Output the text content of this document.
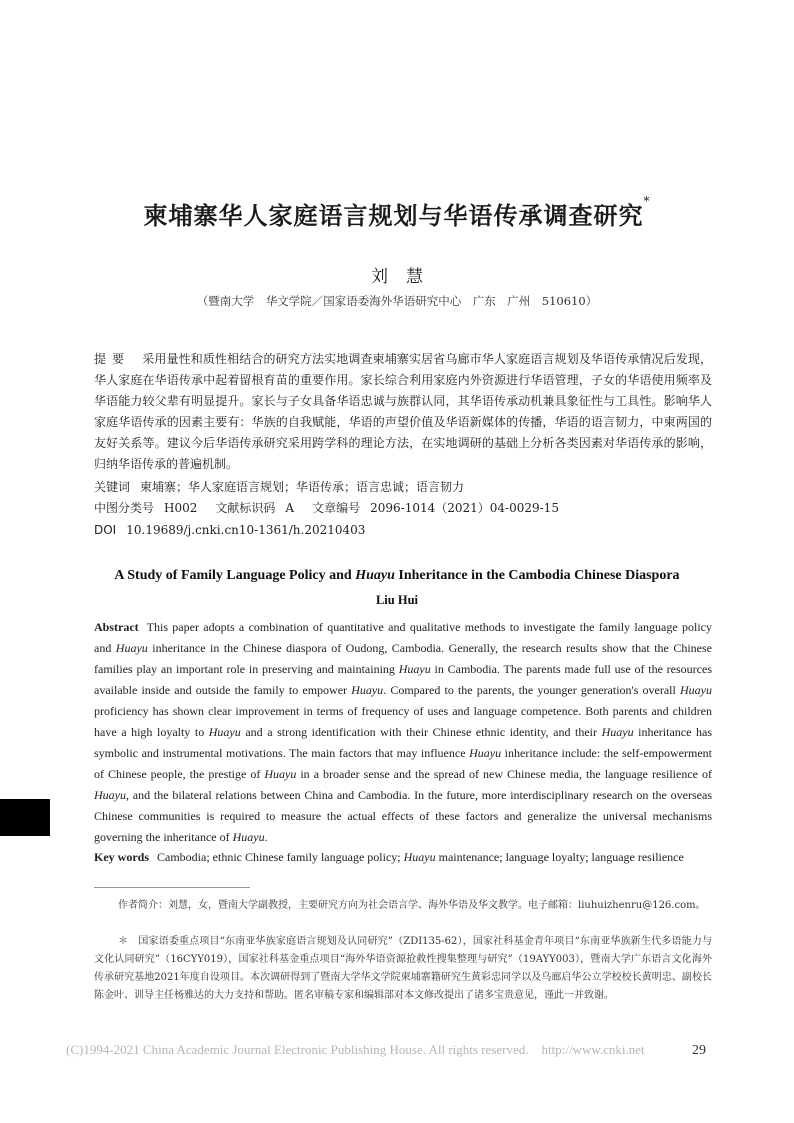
柬埔寨华人家庭语言规划与华语传承调查研究*
刘慧
（暨南大学　华文学院／国家语委海外华语研究中心　广东　广州　510610）
提要 采用量性和质性相结合的研究方法实地调查柬埔寨实居省乌廊市华人家庭语言规划及华语传承情况后发现，华人家庭在华语传承中起着留根育苗的重要作用。家长综合利用家庭内外资源进行华语管理，子女的华语使用频率及华语能力较父辈有明显提升。家长与子女具备华语忠诚与族群认同，其华语传承动机兼具象征性与工具性。影响华人家庭华语传承的因素主要有：华族的自我赋能，华语的声望价值及华语新媒体的传播，华语的语言韧力，中柬两国的友好关系等。建议今后华语传承研究采用跨学科的理论方法，在实地调研的基础上分析各类因素对华语传承的影响，归纳华语传承的普遍机制。
关键词 柬埔寨；华人家庭语言规划；华语传承；语言忠诚；语言韧力
中图分类号 H002 文献标识码 A 文章编号 2096-1014（2021）04-0029-15
DOI 10.19689/j.cnki.cn10-1361/h.20210403
A Study of Family Language Policy and Huayu Inheritance in the Cambodia Chinese Diaspora
Liu Hui
Abstract This paper adopts a combination of quantitative and qualitative methods to investigate the family language policy and Huayu inheritance in the Chinese diaspora of Oudong, Cambodia. Generally, the research results show that the Chinese families play an important role in preserving and maintaining Huayu in Cambodia. The parents made full use of the resources available inside and outside the family to empower Huayu. Compared to the parents, the younger generation's overall Huayu proficiency has shown clear improvement in terms of frequency of uses and language competence. Both parents and children have a high loyalty to Huayu and a strong identification with their Chinese ethnic identity, and their Huayu inheritance has symbolic and instrumental motivations. The main factors that may influence Huayu inheritance include: the self-empowerment of Chinese people, the prestige of Huayu in a broader sense and the spread of new Chinese media, the language resilience of Huayu, and the bilateral relations between China and Cambodia. In the future, more interdisciplinary research on the overseas Chinese communities is required to measure the actual effects of these factors and generalize the universal mechanisms governing the inheritance of Huayu.
Key words Cambodia; ethnic Chinese family language policy; Huayu maintenance; language loyalty; language resilience
作者简介：刘慧，女，暨南大学副教授，主要研究方向为社会语言学、海外华语及华文教学。电子邮箱：liuhuizhenru@126.com。
＊　国家语委重点项目“东南亚华族家庭语言规划及认同研究”（ZDI135-62），国家社科基金青年项目“东南亚华族新生代多语能力与文化认同研究”（16CYY019），国家社科基金重点项目“海外华语资源抢救性搜集整理与研究”（19AYY003），暨南大学广东语言文化海外传承研究基地2021年度自设项目。本次调研得到了暨南大学华文学院柬埔寨籍研究生黄彩忠同学以及乌廊启华公立学校校长黄明忠、副校长陈金叶、训导主任杨雅达的大力支持和帮助。匿名审稿专家和编辑部对本文修改提出了诸多宝贵意见，谨此一并致谢。
(C)1994-2021 China Academic Journal Electronic Publishing House. All rights reserved.    http://www.cnki.net	29
